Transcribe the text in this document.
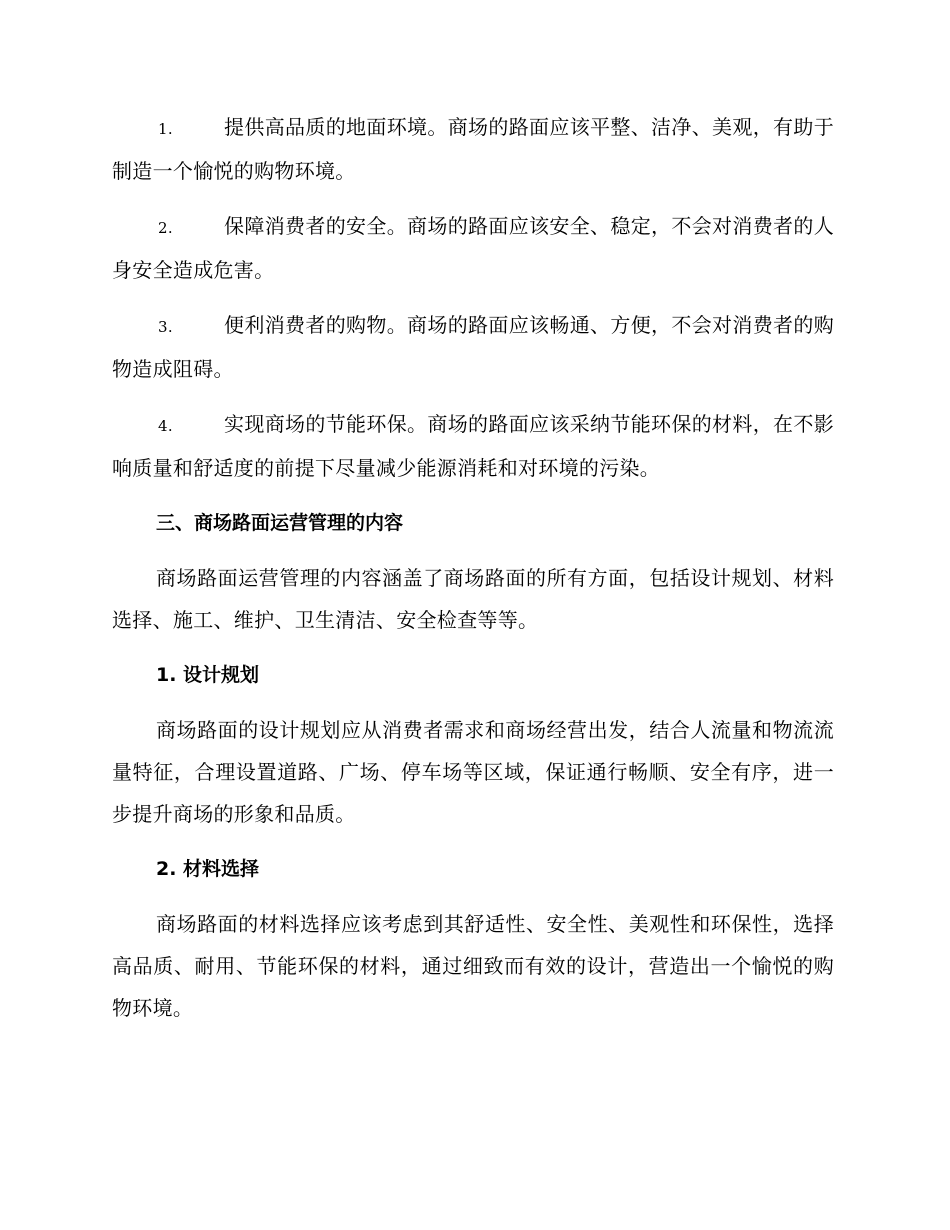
1.	提供高品质的地面环境。商场的路面应该平整、洁净、美观，有助于制造一个愉悦的购物环境。

2.	保障消费者的安全。商场的路面应该安全、稳定，不会对消费者的人身安全造成危害。

3.	便利消费者的购物。商场的路面应该畅通、方便，不会对消费者的购物造成阻碍。

4.	实现商场的节能环保。商场的路面应该采纳节能环保的材料，在不影响质量和舒适度的前提下尽量减少能源消耗和对环境的污染。

三、商场路面运营管理的内容

商场路面运营管理的内容涵盖了商场路面的所有方面，包括设计规划、材料选择、施工、维护、卫生清洁、安全检查等等。

1. 设计规划

商场路面的设计规划应从消费者需求和商场经营出发，结合人流量和物流流量特征，合理设置道路、广场、停车场等区域，保证通行畅顺、安全有序，进一步提升商场的形象和品质。

2. 材料选择

商场路面的材料选择应该考虑到其舒适性、安全性、美观性和环保性，选择高品质、耐用、节能环保的材料，通过细致而有效的设计，营造出一个愉悦的购物环境。
